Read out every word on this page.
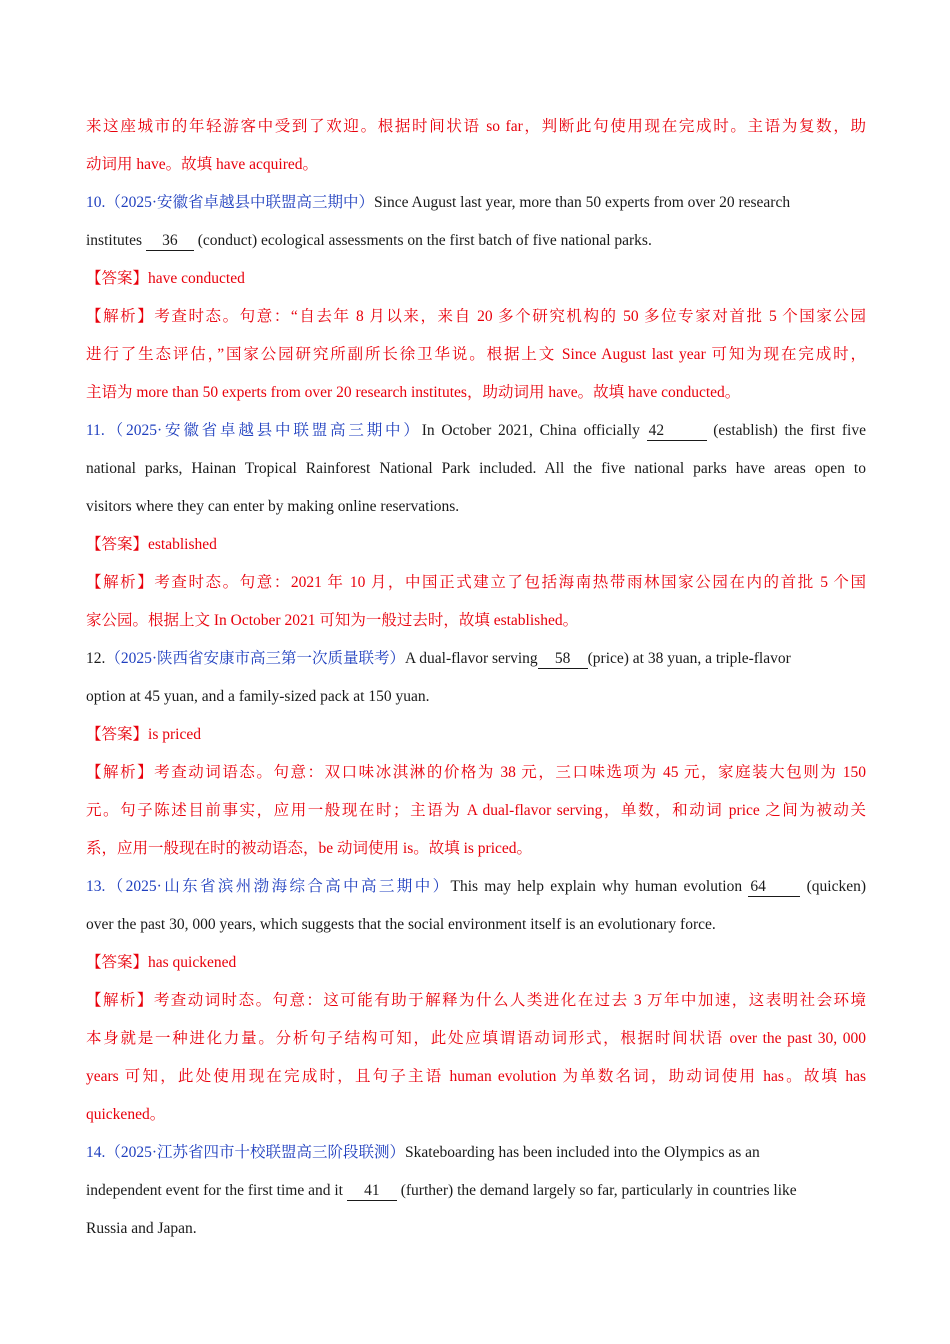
来这座城市的年轻游客中受到了欢迎。根据时间状语 so far，判断此句使用现在完成时。主语为复数，助
动词用 have。故填 have acquired。
10.（2025·安徽省卓越县中联盟高三期中）Since August last year, more than 50 experts from over 20 research
institutes 36 (conduct) ecological assessments on the first batch of five national parks.
【答案】have conducted
【解析】考查时态。句意：“自去年 8 月以来，来自 20 多个研究机构的 50 多位专家对首批 5 个国家公园
进行了生态评估，”国家公园研究所副所长徐卫华说。根据上文 Since August last year 可知为现在完成时，
主语为 more than 50 experts from over 20 research institutes，助动词用 have。故填 have conducted。
11.（2025·安徽省卓越县中联盟高三期中）In October 2021, China officially 42	(establish) the first five
national parks, Hainan Tropical Rainforest National Park included. All the five national parks have areas open to
visitors where they can enter by making online reservations.
【答案】established
【解析】考查时态。句意：2021 年 10 月，中国正式建立了包括海南热带雨林国家公园在内的首批 5 个国
家公园。根据上文 In October 2021 可知为一般过去时，故填 established。
12.（2025·陕西省安康市高三第一次质量联考）A dual-flavor serving 58 (price) at 38 yuan, a triple-flavor
option at 45 yuan, and a family-sized pack at 150 yuan.
【答案】is priced
【解析】考查动词语态。句意：双口味冰淇淋的价格为 38 元，三口味选项为 45 元，家庭装大包则为 150
元。句子陈述目前事实，应用一般现在时；主语为 A dual-flavor serving，单数，和动词 price 之间为被动关
系，应用一般现在时的被动语态，be 动词使用 is。故填 is priced。
13.（2025·山东省滨州渤海综合高中高三期中）This may help explain why human evolution 64 (quicken)
over the past 30, 000 years, which suggests that the social environment itself is an evolutionary force.
【答案】has quickened
【解析】考查动词时态。句意：这可能有助于解释为什么人类进化在过去 3 万年中加速，这表明社会环境
本身就是一种进化力量。分析句子结构可知，此处应填谓语动词形式，根据时间状语 over the past 30, 000
years 可知，此处使用现在完成时，且句子主语 human evolution 为单数名词，助动词使用 has。故填 has
quickened。
14.（2025·江苏省四市十校联盟高三阶段联测）Skateboarding has been included into the Olympics as an
independent event for the first time and it 41 (further) the demand largely so far, particularly in countries like
Russia and Japan.
